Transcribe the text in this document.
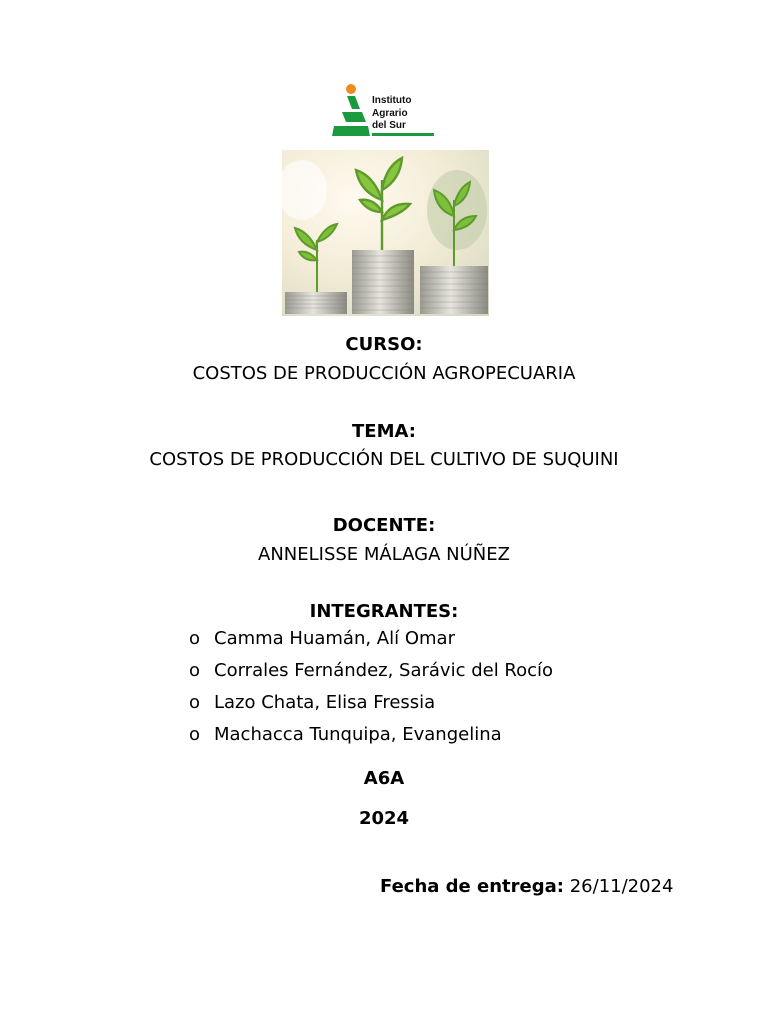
Instituto
Agrario
del Sur
CURSO:
COSTOS DE PRODUCCIÓN AGROPECUARIA
TEMA:
COSTOS DE PRODUCCIÓN DEL CULTIVO DE SUQUINI
DOCENTE:
ANNELISSE MÁLAGA NÚÑEZ
INTEGRANTES:
o Camma Huamán, Alí Omar
o Corrales Fernández, Sarávic del Rocío
o Lazo Chata, Elisa Fressia
o Machacca Tunquipa, Evangelina
A6A
2024
Fecha de entrega: 26/11/2024
